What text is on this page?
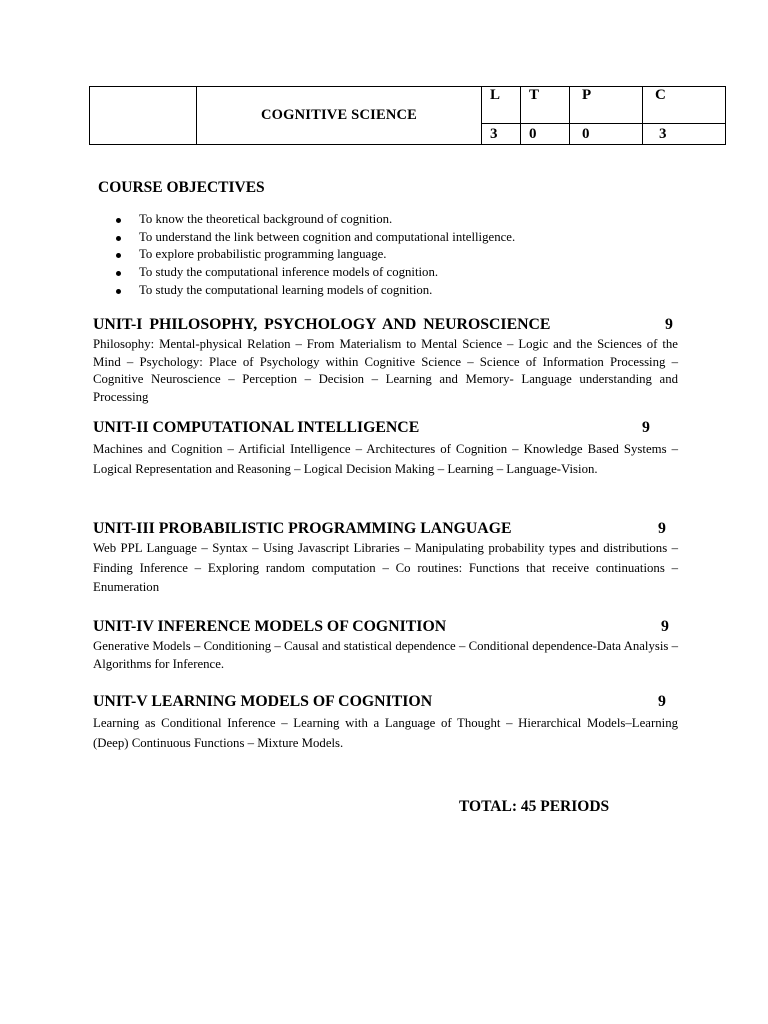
	COGNITIVE SCIENCE	L	T	P	C
		3	0	0	3
COURSE OBJECTIVES
To know the theoretical background of cognition.
To understand the link between cognition and computational intelligence.
To explore probabilistic programming language.
To study the computational inference models of cognition.
To study the computational learning models of cognition.
UNIT-I PHILOSOPHY, PSYCHOLOGY AND NEUROSCIENCE	9

Philosophy: Mental-physical Relation – From Materialism to Mental Science – Logic and the Sciences of the Mind – Psychology: Place of Psychology within Cognitive Science – Science of Information Processing –Cognitive Neuroscience – Perception – Decision – Learning and Memory- Language understanding and Processing

UNIT-II COMPUTATIONAL INTELLIGENCE	9

Machines and Cognition – Artificial Intelligence – Architectures of Cognition – Knowledge Based Systems – Logical Representation and Reasoning – Logical Decision Making – Learning – Language-Vision.

UNIT-III PROBABILISTIC PROGRAMMING LANGUAGE	9

Web PPL Language – Syntax – Using Javascript Libraries – Manipulating probability types and distributions – Finding Inference – Exploring random computation – Co routines: Functions that receive continuations –Enumeration

UNIT-IV INFERENCE MODELS OF COGNITION	9

Generative Models – Conditioning – Causal and statistical dependence – Conditional dependence-Data Analysis – Algorithms for Inference.

UNIT-V LEARNING MODELS OF COGNITION	9

Learning as Conditional Inference – Learning with a Language of Thought – Hierarchical Models–Learning (Deep) Continuous Functions – Mixture Models.

TOTAL: 45 PERIODS
